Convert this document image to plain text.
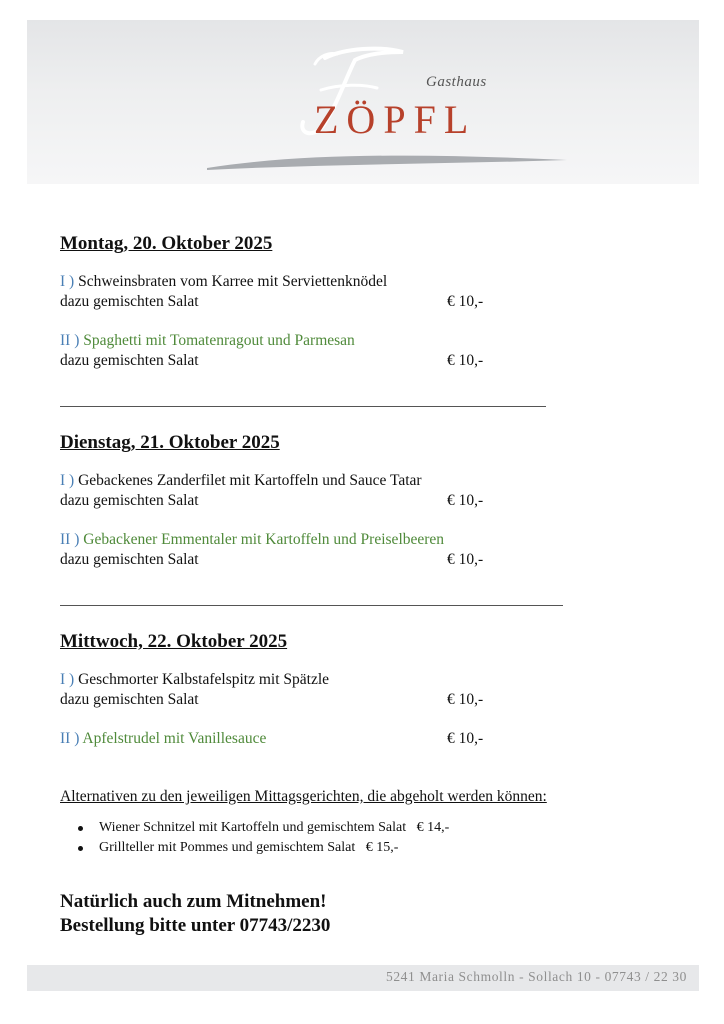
Gasthaus
ZÖPFL
Montag, 20. Oktober 2025
I ) Schweinsbraten vom Karree mit Serviettenknödel
dazu gemischten Salat	€ 10,-
II ) Spaghetti mit Tomatenragout und Parmesan
dazu gemischten Salat	€ 10,-
Dienstag, 21. Oktober 2025
I ) Gebackenes Zanderfilet mit Kartoffeln und Sauce Tatar
dazu gemischten Salat	€ 10,-
II ) Gebackener Emmentaler mit Kartoffeln und Preiselbeeren
dazu gemischten Salat	€ 10,-
Mittwoch, 22. Oktober 2025
I ) Geschmorter Kalbstafelspitz mit Spätzle
dazu gemischten Salat	€ 10,-
II ) Apfelstrudel mit Vanillesauce	€ 10,-
Alternativen zu den jeweiligen Mittagsgerichten, die abgeholt werden können:
Wiener Schnitzel mit Kartoffeln und gemischtem Salat € 14,-
Grillteller mit Pommes und gemischtem Salat € 15,-
Natürlich auch zum Mitnehmen!
Bestellung bitte unter 07743/2230
5241 Maria Schmolln - Sollach 10 - 07743 / 22 30
